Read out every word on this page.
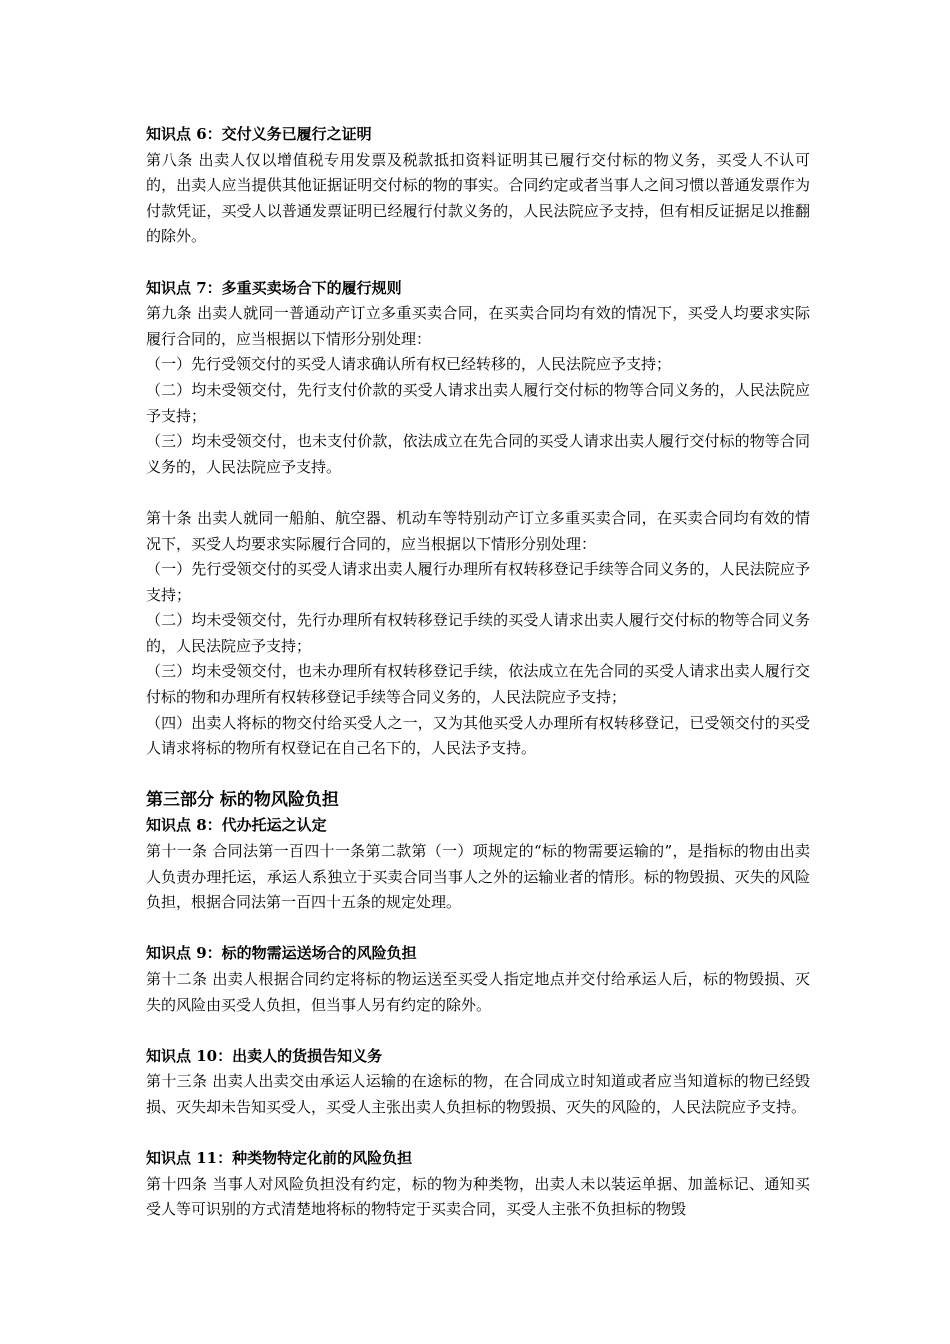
知识点 6：交付义务已履行之证明

第八条 出卖人仅以增值税专用发票及税款抵扣资料证明其已履行交付标的物义务，买受人不认可的，出卖人应当提供其他证据证明交付标的物的事实。合同约定或者当事人之间习惯以普通发票作为付款凭证，买受人以普通发票证明已经履行付款义务的，人民法院应予支持，但有相反证据足以推翻的除外。

知识点 7：多重买卖场合下的履行规则

第九条 出卖人就同一普通动产订立多重买卖合同，在买卖合同均有效的情况下，买受人均要求实际履行合同的，应当根据以下情形分别处理：

（一）先行受领交付的买受人请求确认所有权已经转移的，人民法院应予支持；

（二）均未受领交付，先行支付价款的买受人请求出卖人履行交付标的物等合同义务的，人民法院应予支持；

（三）均未受领交付，也未支付价款，依法成立在先合同的买受人请求出卖人履行交付标的物等合同义务的，人民法院应予支持。

第十条 出卖人就同一船舶、航空器、机动车等特别动产订立多重买卖合同，在买卖合同均有效的情况下，买受人均要求实际履行合同的，应当根据以下情形分别处理：

（一）先行受领交付的买受人请求出卖人履行办理所有权转移登记手续等合同义务的，人民法院应予支持；

（二）均未受领交付，先行办理所有权转移登记手续的买受人请求出卖人履行交付标的物等合同义务的，人民法院应予支持；

（三）均未受领交付，也未办理所有权转移登记手续，依法成立在先合同的买受人请求出卖人履行交付标的物和办理所有权转移登记手续等合同义务的，人民法院应予支持；

（四）出卖人将标的物交付给买受人之一，又为其他买受人办理所有权转移登记，已受领交付的买受人请求将标的物所有权登记在自己名下的，人民法予支持。

第三部分 标的物风险负担

知识点 8：代办托运之认定

第十一条 合同法第一百四十一条第二款第（一）项规定的“标的物需要运输的”，是指标的物由出卖人负责办理托运，承运人系独立于买卖合同当事人之外的运输业者的情形。标的物毁损、灭失的风险负担，根据合同法第一百四十五条的规定处理。

知识点 9：标的物需运送场合的风险负担

第十二条 出卖人根据合同约定将标的物运送至买受人指定地点并交付给承运人后，标的物毁损、灭失的风险由买受人负担，但当事人另有约定的除外。

知识点 10：出卖人的货损告知义务

第十三条 出卖人出卖交由承运人运输的在途标的物，在合同成立时知道或者应当知道标的物已经毁损、灭失却未告知买受人，买受人主张出卖人负担标的物毁损、灭失的风险的，人民法院应予支持。

知识点 11：种类物特定化前的风险负担

第十四条 当事人对风险负担没有约定，标的物为种类物，出卖人未以装运单据、加盖标记、通知买受人等可识别的方式清楚地将标的物特定于买卖合同，买受人主张不负担标的物毁
